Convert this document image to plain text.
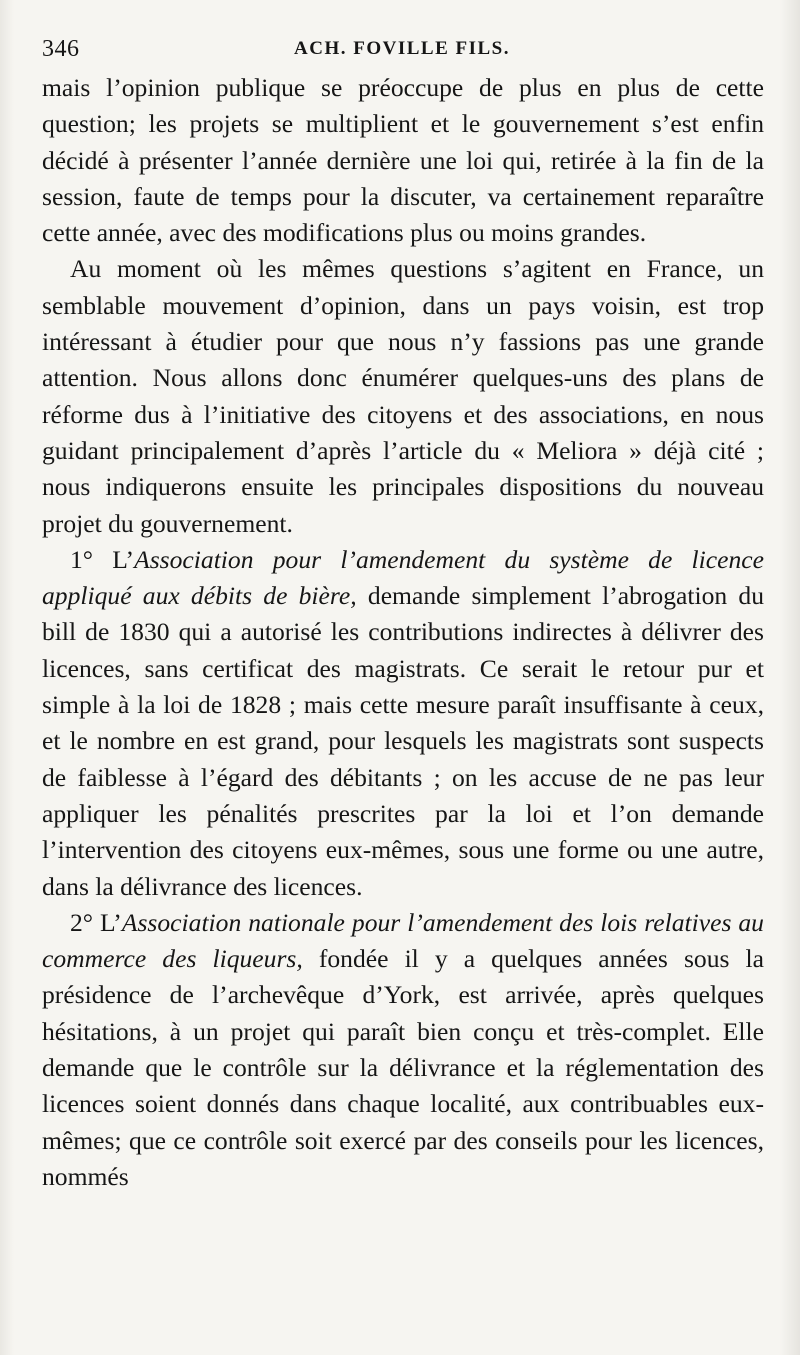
346	ACH. FOVILLE FILS.

mais l’opinion publique se préoccupe de plus en plus de cette question; les projets se multiplient et le gouvernement s’est enfin décidé à présenter l’année dernière une loi qui, retirée à la fin de la session, faute de temps pour la discuter, va certainement reparaître cette année, avec des modifications plus ou moins grandes.

Au moment où les mêmes questions s’agitent en France, un semblable mouvement d’opinion, dans un pays voisin, est trop intéressant à étudier pour que nous n’y fassions pas une grande attention. Nous allons donc énumérer quelques-uns des plans de réforme dus à l’initiative des citoyens et des associations, en nous guidant principalement d’après l’article du « Meliora » déjà cité ; nous indiquerons ensuite les principales dispositions du nouveau projet du gouvernement.

1° L’Association pour l’amendement du système de licence appliqué aux débits de bière, demande simplement l’abrogation du bill de 1830 qui a autorisé les contributions indirectes à délivrer des licences, sans certificat des magistrats. Ce serait le retour pur et simple à la loi de 1828 ; mais cette mesure paraît insuffisante à ceux, et le nombre en est grand, pour lesquels les magistrats sont suspects de faiblesse à l’égard des débitants ; on les accuse de ne pas leur appliquer les pénalités prescrites par la loi et l’on demande l’intervention des citoyens eux-mêmes, sous une forme ou une autre, dans la délivrance des licences.

2° L’Association nationale pour l’amendement des lois relatives au commerce des liqueurs, fondée il y a quelques années sous la présidence de l’archevêque d’York, est arrivée, après quelques hésitations, à un projet qui paraît bien conçu et très-complet. Elle demande que le contrôle sur la délivrance et la réglementation des licences soient donnés dans chaque localité, aux contribuables eux-mêmes; que ce contrôle soit exercé par des conseils pour les licences, nommés
